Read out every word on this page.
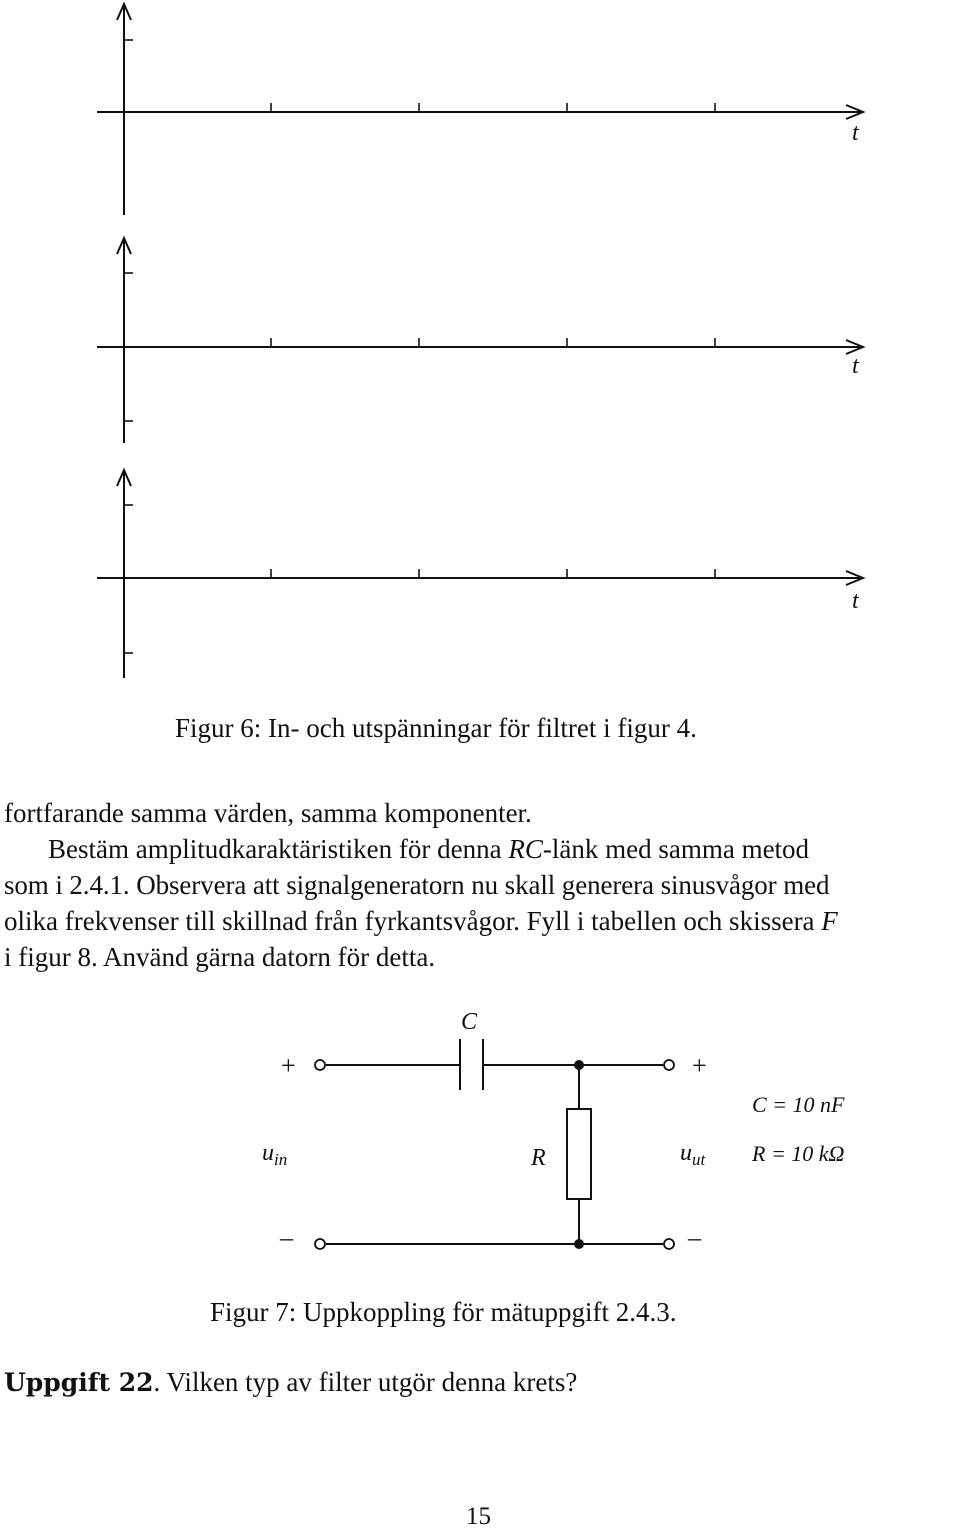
t
t
t

Figur 6: In- och utspänningar för filtret i figur 4.

fortfarande samma värden, samma komponenter.

Bestäm amplitudkaraktäristiken för denna RC-länk med samma metod

som i 2.4.1. Observera att signalgeneratorn nu skall generera sinusvågor med

olika frekvenser till skillnad från fyrkantsvågor. Fyll i tabellen och skissera F

i figur 8. Använd gärna datorn för detta.

C
R
+	+
–	–
$u_{in}$	$u_{ut}$
C = 10 nF
R = 10 kΩ

Figur 7: Uppkoppling för mätuppgift 2.4.3.

Uppgift 22. Vilken typ av filter utgör denna krets?

15
